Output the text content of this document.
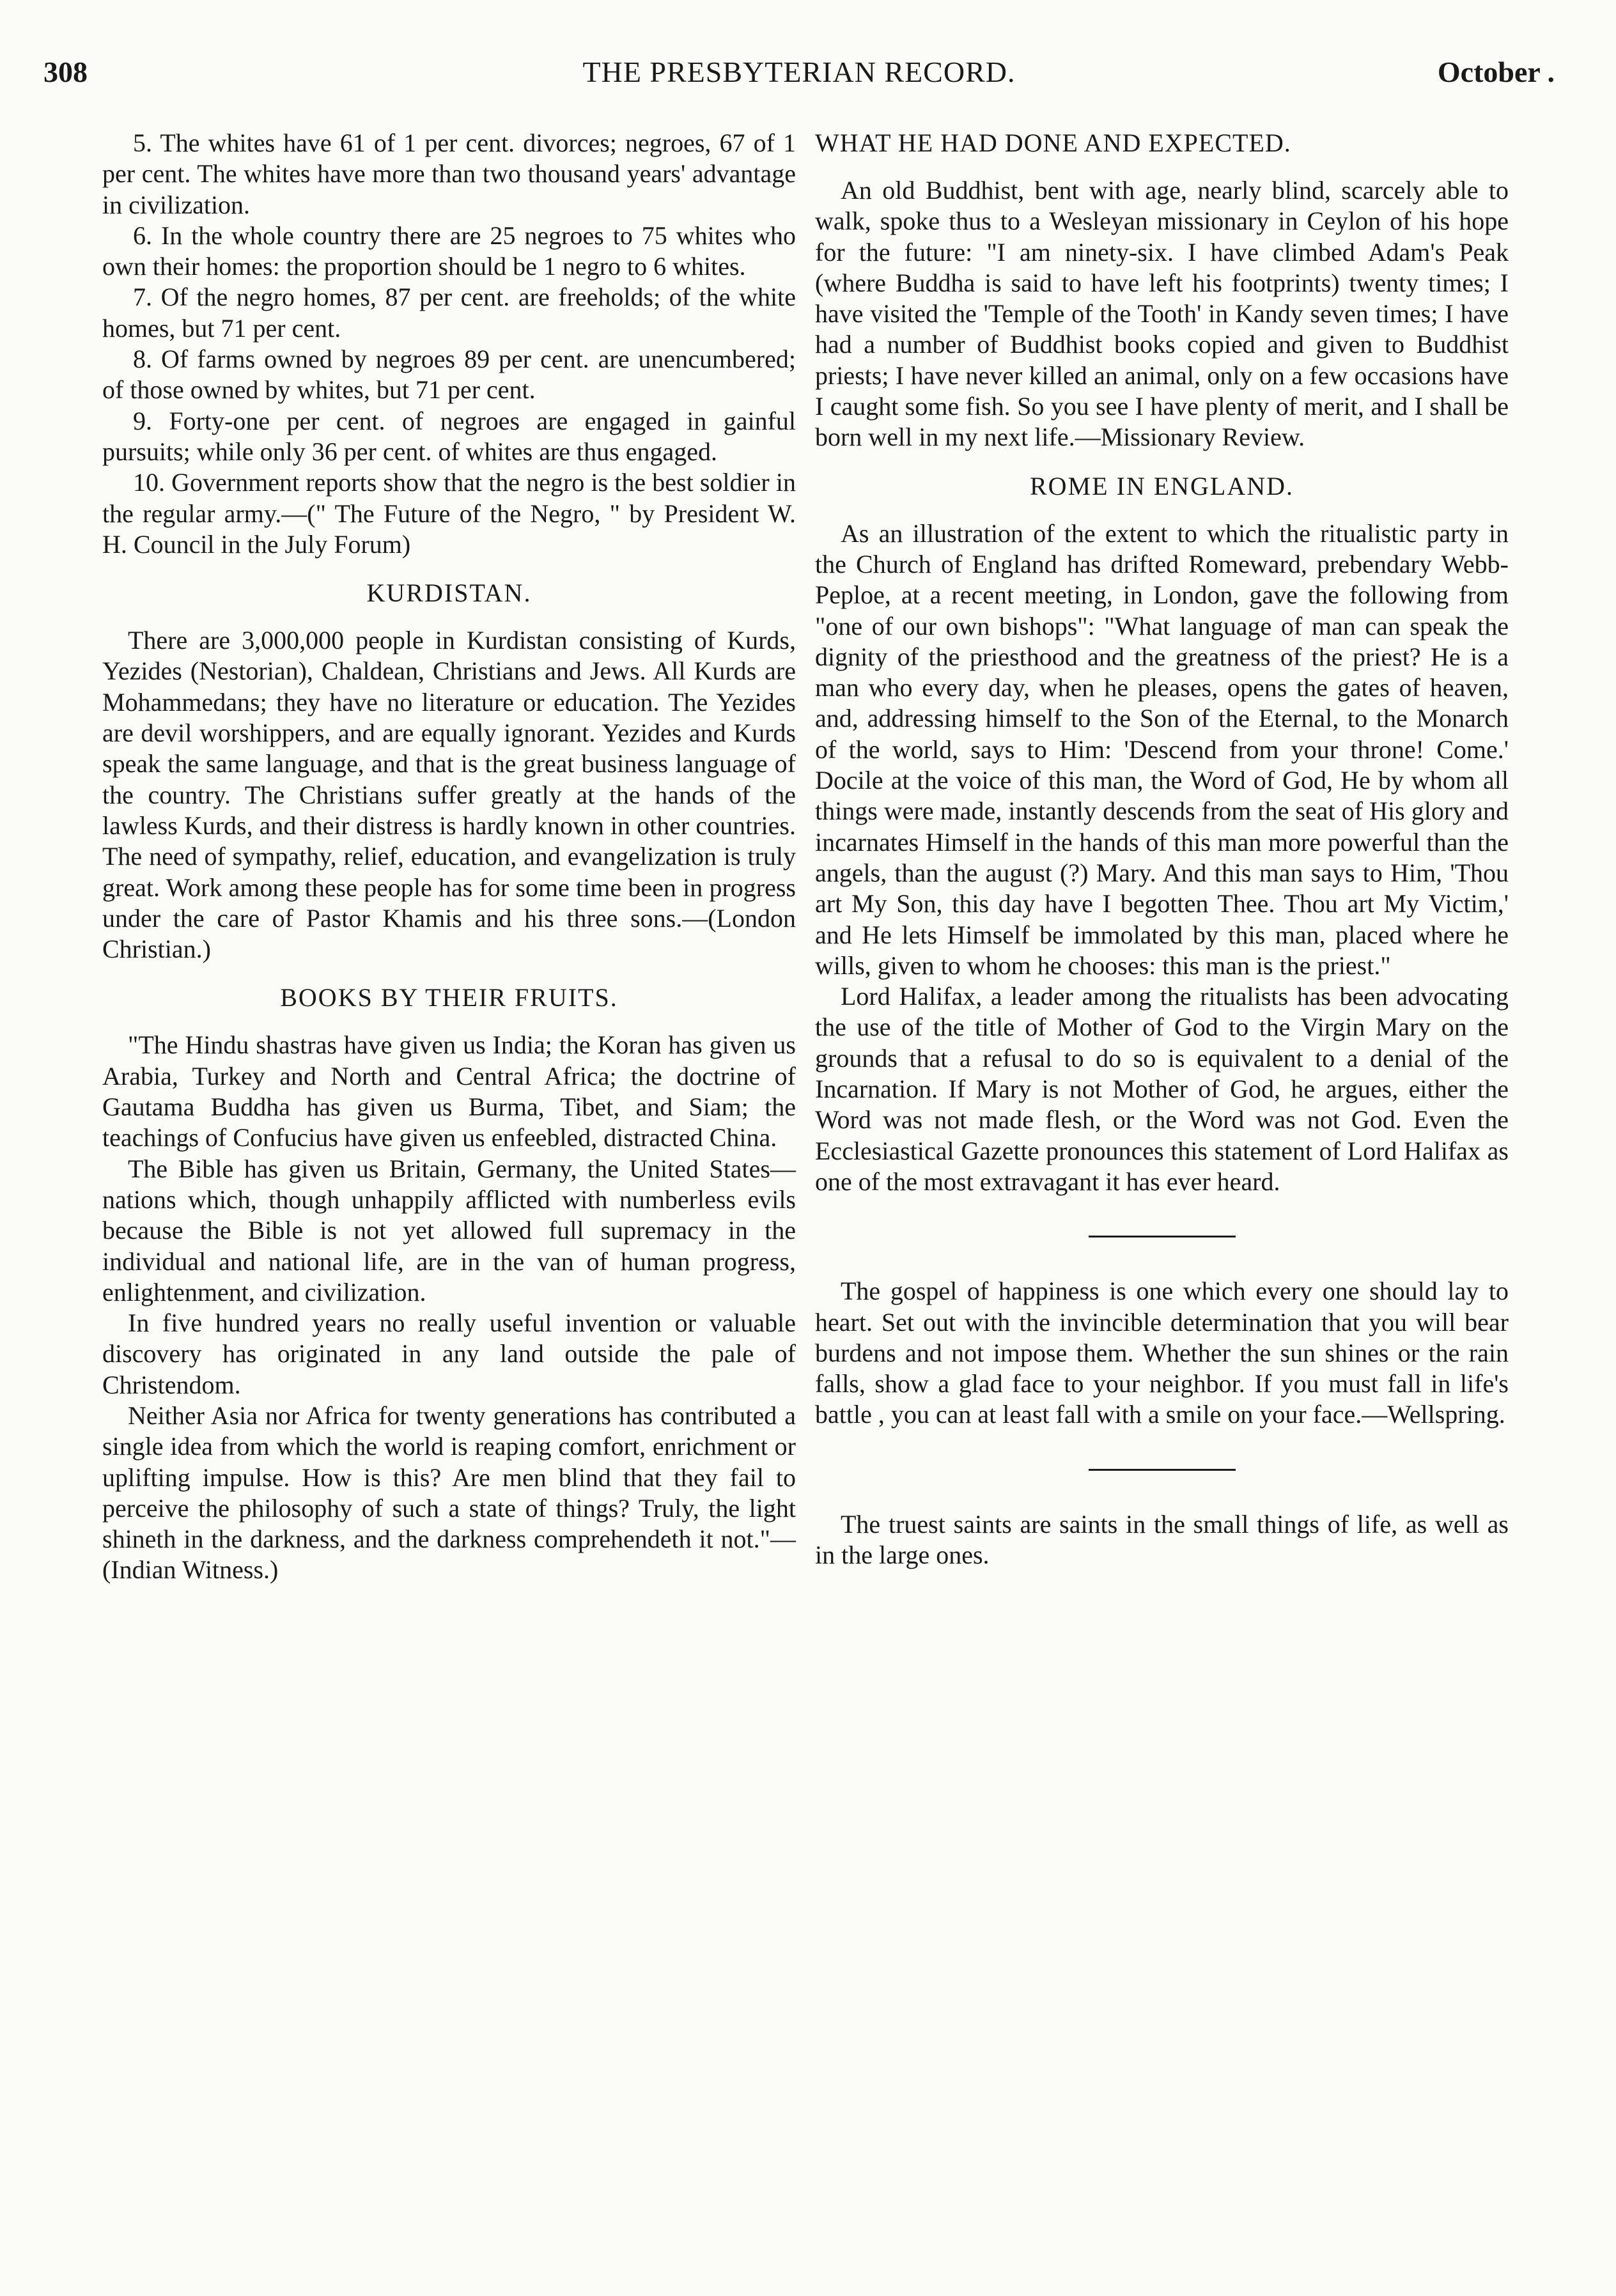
308	THE PRESBYTERIAN RECORD.	October .

5. The whites have 61 of 1 per cent. divorces; negroes, 67 of 1 per cent. The whites have more than two thousand years' advantage in civilization.

6. In the whole country there are 25 negroes to 75 whites who own their homes: the proportion should be 1 negro to 6 whites.

7. Of the negro homes, 87 per cent. are freeholds; of the white homes, but 71 per cent.

8. Of farms owned by negroes 89 per cent. are unencumbered; of those owned by whites, but 71 per cent.

9. Forty-one per cent. of negroes are engaged in gainful pursuits; while only 36 per cent. of whites are thus engaged.

10. Government reports show that the negro is the best soldier in the regular army.—(" The Future of the Negro, " by President W. H. Council in the July Forum)

KURDISTAN.

There are 3,000,000 people in Kurdistan consisting of Kurds, Yezides (Nestorian), Chaldean, Christians and Jews. All Kurds are Mohammedans; they have no literature or education. The Yezides are devil worshippers, and are equally ignorant. Yezides and Kurds speak the same language, and that is the great business language of the country. The Christians suffer greatly at the hands of the lawless Kurds, and their distress is hardly known in other countries. The need of sympathy, relief, education, and evangelization is truly great. Work among these people has for some time been in progress under the care of Pastor Khamis and his three sons.—(London Christian.)

BOOKS BY THEIR FRUITS.

"The Hindu shastras have given us India; the Koran has given us Arabia, Turkey and North and Central Africa; the doctrine of Gautama Buddha has given us Burma, Tibet, and Siam; the teachings of Confucius have given us enfeebled, distracted China.

The Bible has given us Britain, Germany, the United States—nations which, though unhappily afflicted with numberless evils because the Bible is not yet allowed full supremacy in the individual and national life, are in the van of human progress, enlightenment, and civilization.

In five hundred years no really useful invention or valuable discovery has originated in any land outside the pale of Christendom.

Neither Asia nor Africa for twenty generations has contributed a single idea from which the world is reaping comfort, enrichment or uplifting impulse. How is this? Are men blind that they fail to perceive the philosophy of such a state of things? Truly, the light shineth in the darkness, and the darkness comprehendeth it not."—(Indian Witness.)

WHAT HE HAD DONE AND EXPECTED.

An old Buddhist, bent with age, nearly blind, scarcely able to walk, spoke thus to a Wesleyan missionary in Ceylon of his hope for the future: "I am ninety-six. I have climbed Adam's Peak (where Buddha is said to have left his footprints) twenty times; I have visited the 'Temple of the Tooth' in Kandy seven times; I have had a number of Buddhist books copied and given to Buddhist priests; I have never killed an animal, only on a few occasions have I caught some fish. So you see I have plenty of merit, and I shall be born well in my next life.—Missionary Review.

ROME IN ENGLAND.

As an illustration of the extent to which the ritualistic party in the Church of England has drifted Romeward, prebendary Webb-Peploe, at a recent meeting, in London, gave the following from "one of our own bishops": "What language of man can speak the dignity of the priesthood and the greatness of the priest? He is a man who every day, when he pleases, opens the gates of heaven, and, addressing himself to the Son of the Eternal, to the Monarch of the world, says to Him: 'Descend from your throne! Come.' Docile at the voice of this man, the Word of God, He by whom all things were made, instantly descends from the seat of His glory and incarnates Himself in the hands of this man more powerful than the angels, than the august (?) Mary. And this man says to Him, 'Thou art My Son, this day have I begotten Thee. Thou art My Victim,' and He lets Himself be immolated by this man, placed where he wills, given to whom he chooses: this man is the priest."

Lord Halifax, a leader among the ritualists has been advocating the use of the title of Mother of God to the Virgin Mary on the grounds that a refusal to do so is equivalent to a denial of the Incarnation. If Mary is not Mother of God, he argues, either the Word was not made flesh, or the Word was not God. Even the Ecclesiastical Gazette pronounces this statement of Lord Halifax as one of the most extravagant it has ever heard.

The gospel of happiness is one which every one should lay to heart. Set out with the invincible determination that you will bear burdens and not impose them. Whether the sun shines or the rain falls, show a glad face to your neighbor. If you must fall in life's battle , you can at least fall with a smile on your face.—Wellspring.

The truest saints are saints in the small things of life, as well as in the large ones.
